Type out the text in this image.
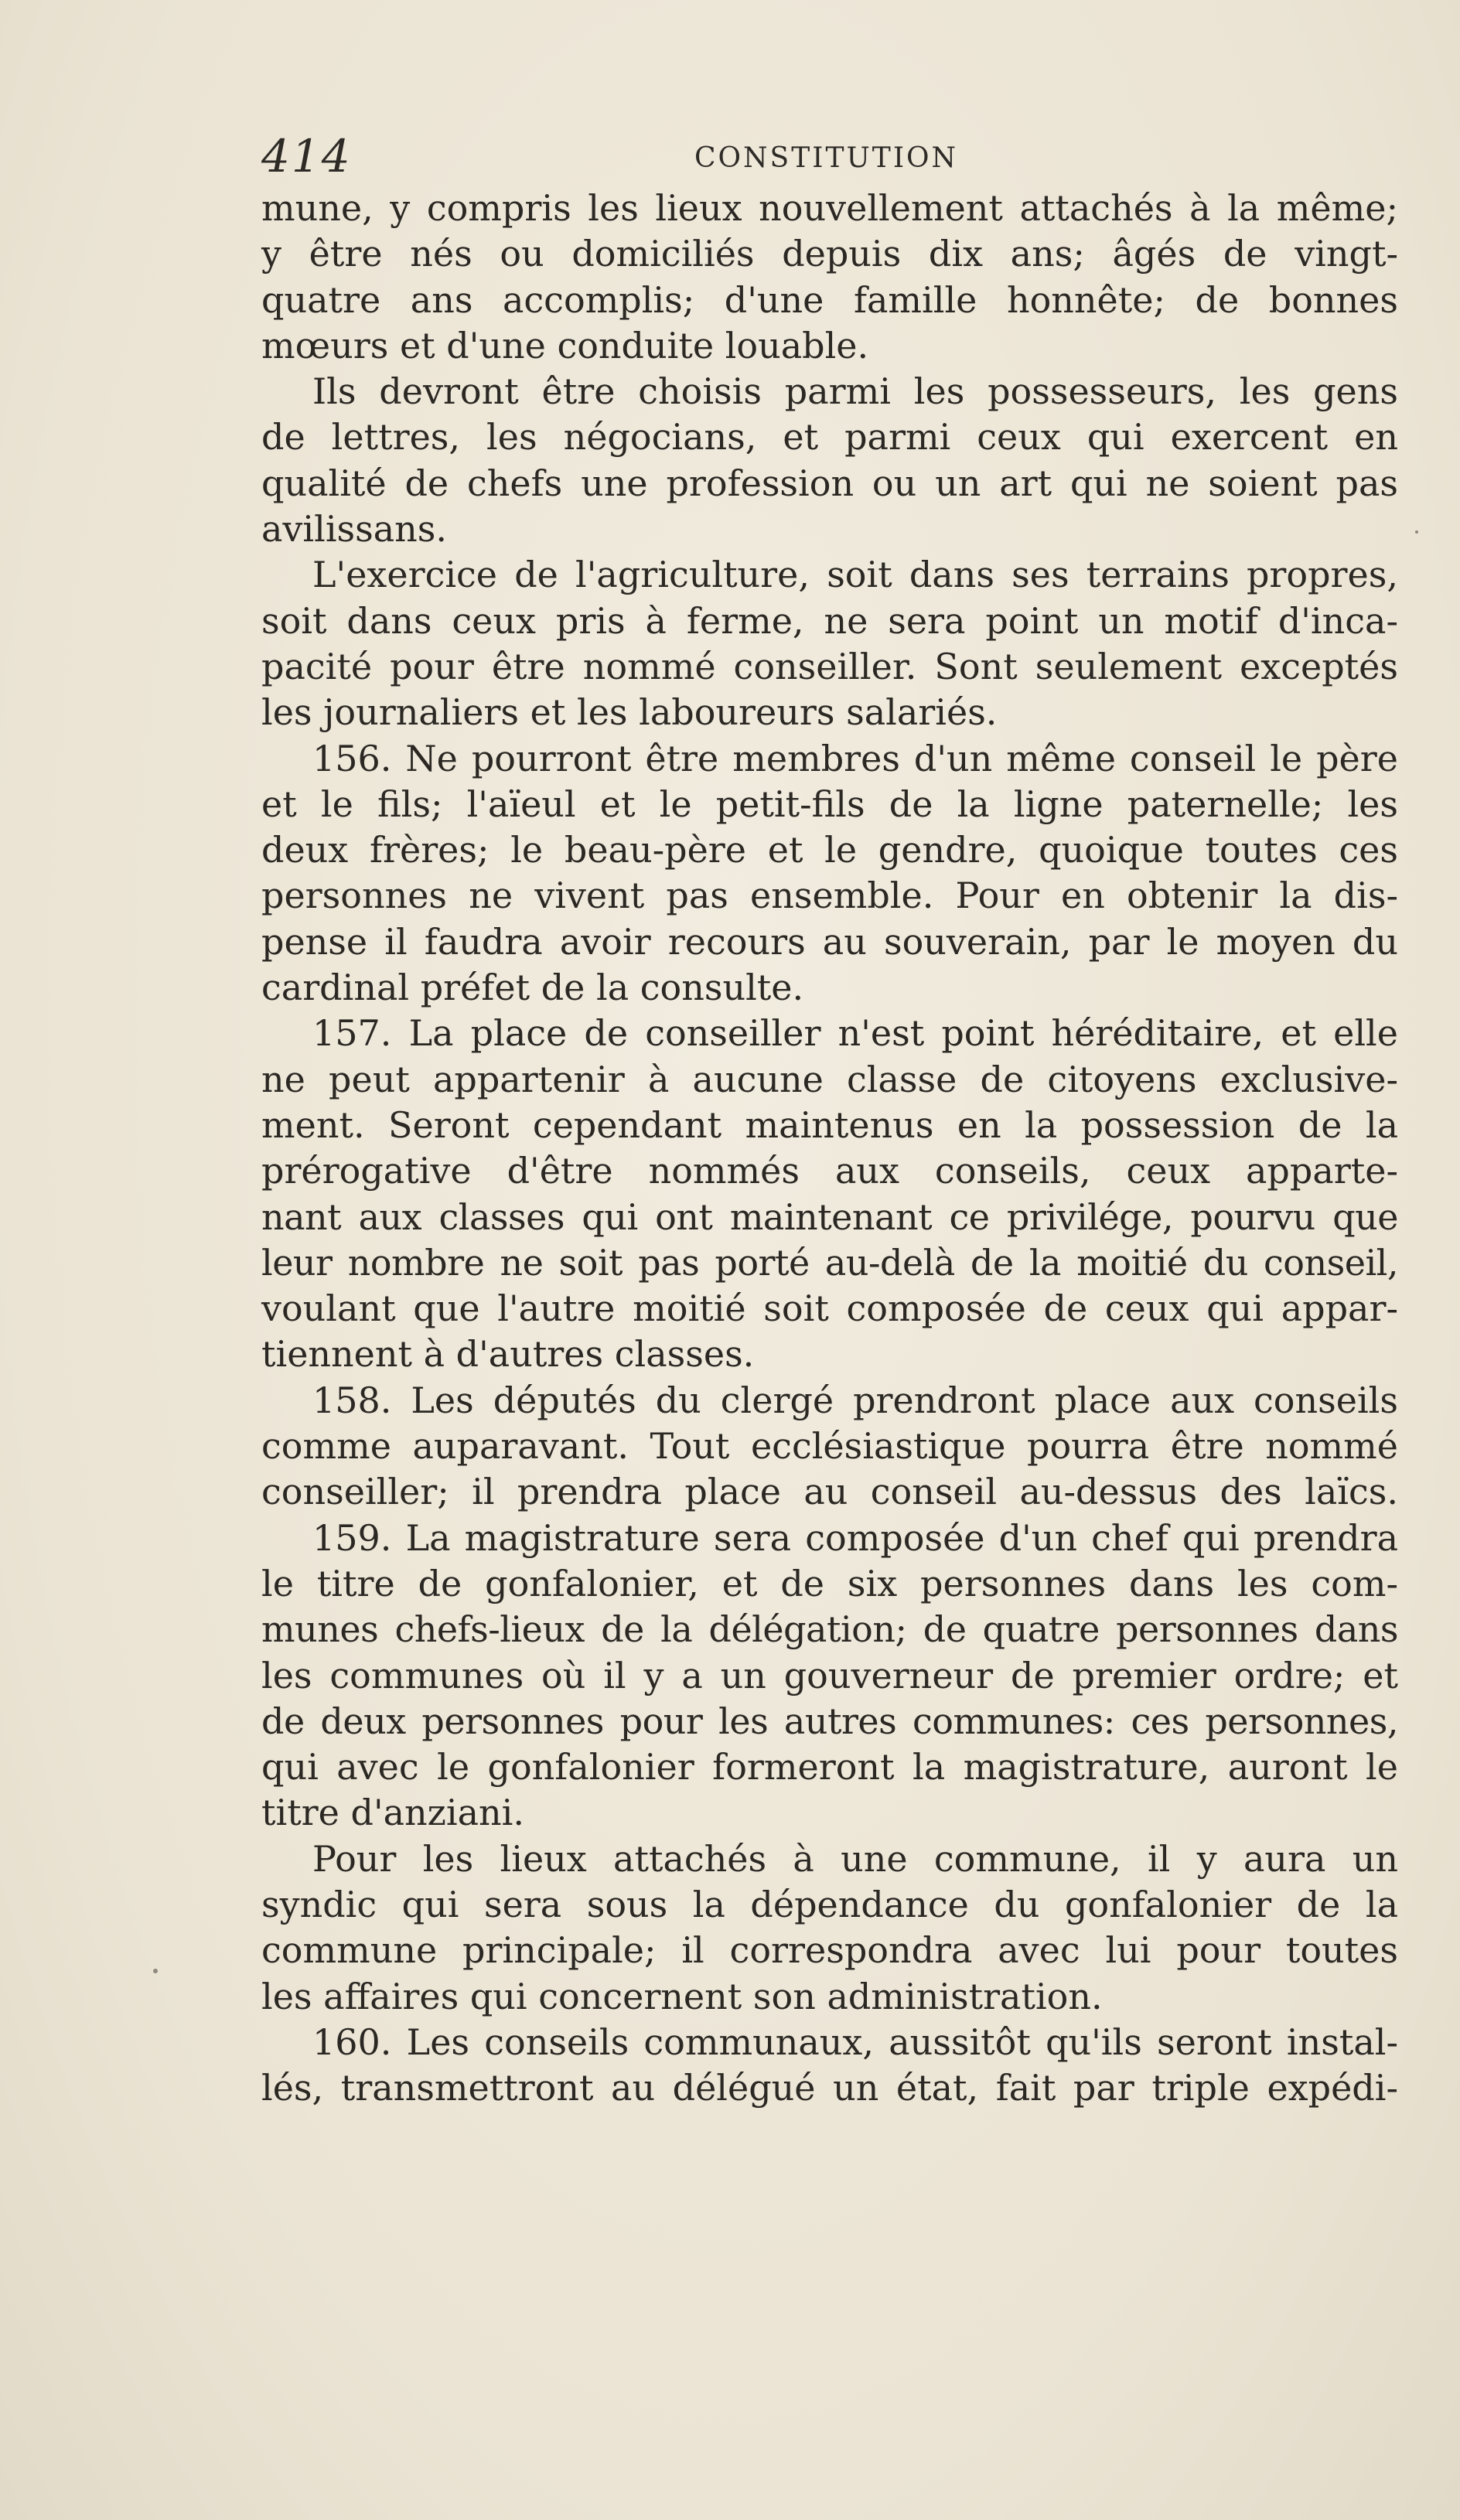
414	CONSTITUTION
mune, y compris les lieux nouvellement attachés à la même;
y être nés ou domiciliés depuis dix ans; âgés de vingt-
quatre ans accomplis; d'une famille honnête; de bonnes
mœurs et d'une conduite louable.
Ils devront être choisis parmi les possesseurs, les gens
de lettres, les négocians, et parmi ceux qui exercent en
qualité de chefs une profession ou un art qui ne soient pas
avilissans.
L'exercice de l'agriculture, soit dans ses terrains propres,
soit dans ceux pris à ferme, ne sera point un motif d'inca-
pacité pour être nommé conseiller. Sont seulement exceptés
les journaliers et les laboureurs salariés.
156. Ne pourront être membres d'un même conseil le père
et le fils; l'aïeul et le petit-fils de la ligne paternelle; les
deux frères; le beau-père et le gendre, quoique toutes ces
personnes ne vivent pas ensemble. Pour en obtenir la dis-
pense il faudra avoir recours au souverain, par le moyen du
cardinal préfet de la consulte.
157. La place de conseiller n'est point héréditaire, et elle
ne peut appartenir à aucune classe de citoyens exclusive-
ment. Seront cependant maintenus en la possession de la
prérogative d'être nommés aux conseils, ceux apparte-
nant aux classes qui ont maintenant ce privilége, pourvu que
leur nombre ne soit pas porté au-delà de la moitié du conseil,
voulant que l'autre moitié soit composée de ceux qui appar-
tiennent à d'autres classes.
158. Les députés du clergé prendront place aux conseils
comme auparavant. Tout ecclésiastique pourra être nommé
conseiller; il prendra place au conseil au-dessus des laïcs.
159. La magistrature sera composée d'un chef qui prendra
le titre de gonfalonier, et de six personnes dans les com-
munes chefs-lieux de la délégation; de quatre personnes dans
les communes où il y a un gouverneur de premier ordre; et
de deux personnes pour les autres communes: ces personnes,
qui avec le gonfalonier formeront la magistrature, auront le
titre d'anziani.
Pour les lieux attachés à une commune, il y aura un
syndic qui sera sous la dépendance du gonfalonier de la
commune principale; il correspondra avec lui pour toutes
les affaires qui concernent son administration.
160. Les conseils communaux, aussitôt qu'ils seront instal-
lés, transmettront au délégué un état, fait par triple expédi-
